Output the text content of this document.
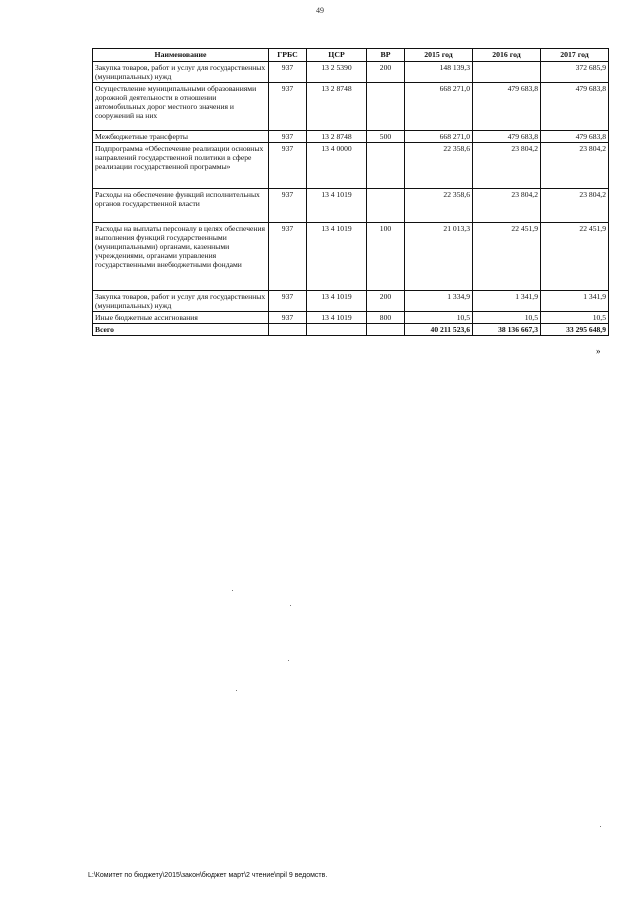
49
Наименование	ГРБС	ЦСР	ВР	2015 год	2016 год	2017 год
Закупка товаров, работ и услуг для государственных (муниципальных) нужд	937	13 2 5390	200	148 139,3		372 685,9
Осуществление муниципальными образованиями дорожной деятельности в отношении автомобильных дорог местного значения и сооружений на них	937	13 2 8748		668 271,0	479 683,8	479 683,8
Межбюджетные трансферты	937	13 2 8748	500	668 271,0	479 683,8	479 683,8
Подпрограмма «Обеспечение реализации основных направлений государственной политики в сфере реализации государственной программы»	937	13 4 0000		22 358,6	23 804,2	23 804,2
Расходы на обеспечение функций исполнительных органов государственной власти	937	13 4 1019		22 358,6	23 804,2	23 804,2
Расходы на выплаты персоналу в целях обеспечения выполнения функций государственными (муниципальными) органами, казенными учреждениями, органами управления государственными внебюджетными фондами	937	13 4 1019	100	21 013,3	22 451,9	22 451,9
Закупка товаров, работ и услуг для государственных (муниципальных) нужд	937	13 4 1019	200	1 334,9	1 341,9	1 341,9
Иные бюджетные ассигнования	937	13 4 1019	800	10,5	10,5	10,5
Всего				40 211 523,6	38 136 667,3	33 295 648,9
»
L:\Комитет по бюджету\2015\закон\бюджет март\2 чтение\прil 9 ведомств.
